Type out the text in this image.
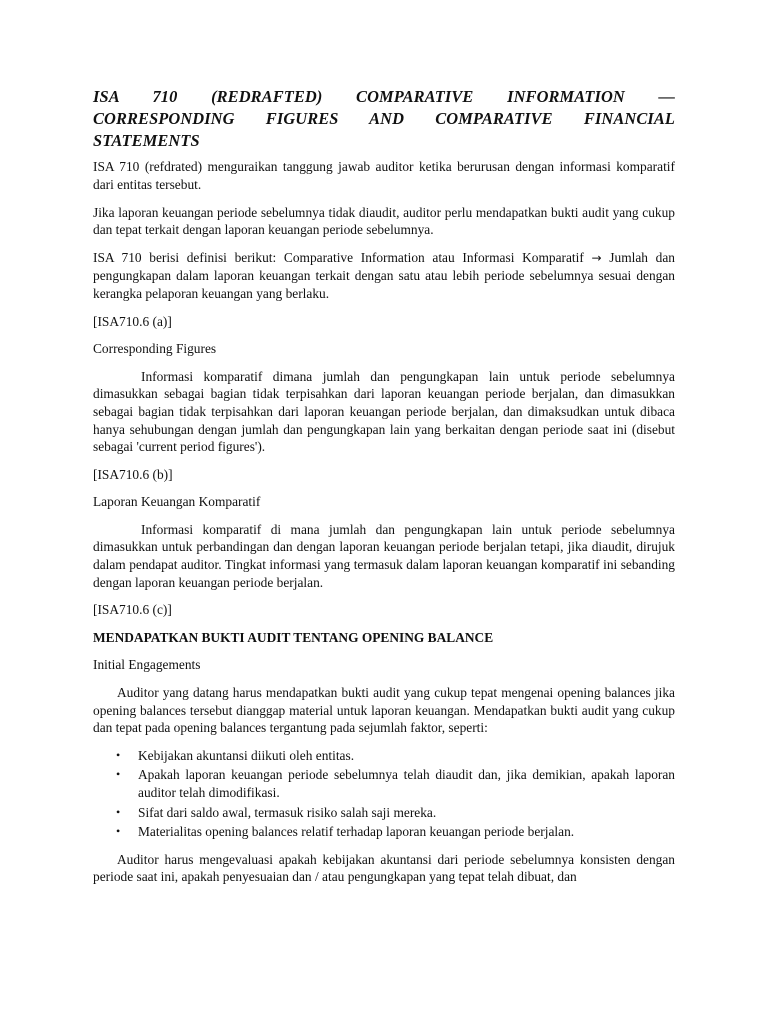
ISA 710 (REDRAFTED) COMPARATIVE INFORMATION —
CORRESPONDING FIGURES AND COMPARATIVE FINANCIAL
STATEMENTS

ISA 710 (refdrated) menguraikan tanggung jawab auditor ketika berurusan dengan informasi komparatif dari entitas tersebut.

Jika laporan keuangan periode sebelumnya tidak diaudit, auditor perlu mendapatkan bukti audit yang cukup dan tepat terkait dengan laporan keuangan periode sebelumnya.

ISA 710 berisi definisi berikut: Comparative Information atau Informasi Komparatif → Jumlah dan pengungkapan dalam laporan keuangan terkait dengan satu atau lebih periode sebelumnya sesuai dengan kerangka pelaporan keuangan yang berlaku.

[ISA710.6 (a)]

Corresponding Figures

Informasi komparatif dimana jumlah dan pengungkapan lain untuk periode sebelumnya dimasukkan sebagai bagian tidak terpisahkan dari laporan keuangan periode berjalan, dan dimasukkan sebagai bagian tidak terpisahkan dari laporan keuangan periode berjalan, dan dimaksudkan untuk dibaca hanya sehubungan dengan jumlah dan pengungkapan lain yang berkaitan dengan periode saat ini (disebut sebagai 'current period figures').

[ISA710.6 (b)]

Laporan Keuangan Komparatif

Informasi komparatif di mana jumlah dan pengungkapan lain untuk periode sebelumnya dimasukkan untuk perbandingan dan dengan laporan keuangan periode berjalan tetapi, jika diaudit, dirujuk dalam pendapat auditor. Tingkat informasi yang termasuk dalam laporan keuangan komparatif ini sebanding dengan laporan keuangan periode berjalan.

[ISA710.6 (c)]

MENDAPATKAN BUKTI AUDIT TENTANG OPENING BALANCE

Initial Engagements

Auditor yang datang harus mendapatkan bukti audit yang cukup tepat mengenai opening balances jika opening balances tersebut dianggap material untuk laporan keuangan. Mendapatkan bukti audit yang cukup dan tepat pada opening balances tergantung pada sejumlah faktor, seperti:

• Kebijakan akuntansi diikuti oleh entitas.
• Apakah laporan keuangan periode sebelumnya telah diaudit dan, jika demikian, apakah laporan auditor telah dimodifikasi.
• Sifat dari saldo awal, termasuk risiko salah saji mereka.
• Materialitas opening balances relatif terhadap laporan keuangan periode berjalan.

Auditor harus mengevaluasi apakah kebijakan akuntansi dari periode sebelumnya konsisten dengan periode saat ini, apakah penyesuaian dan / atau pengungkapan yang tepat telah dibuat, dan
